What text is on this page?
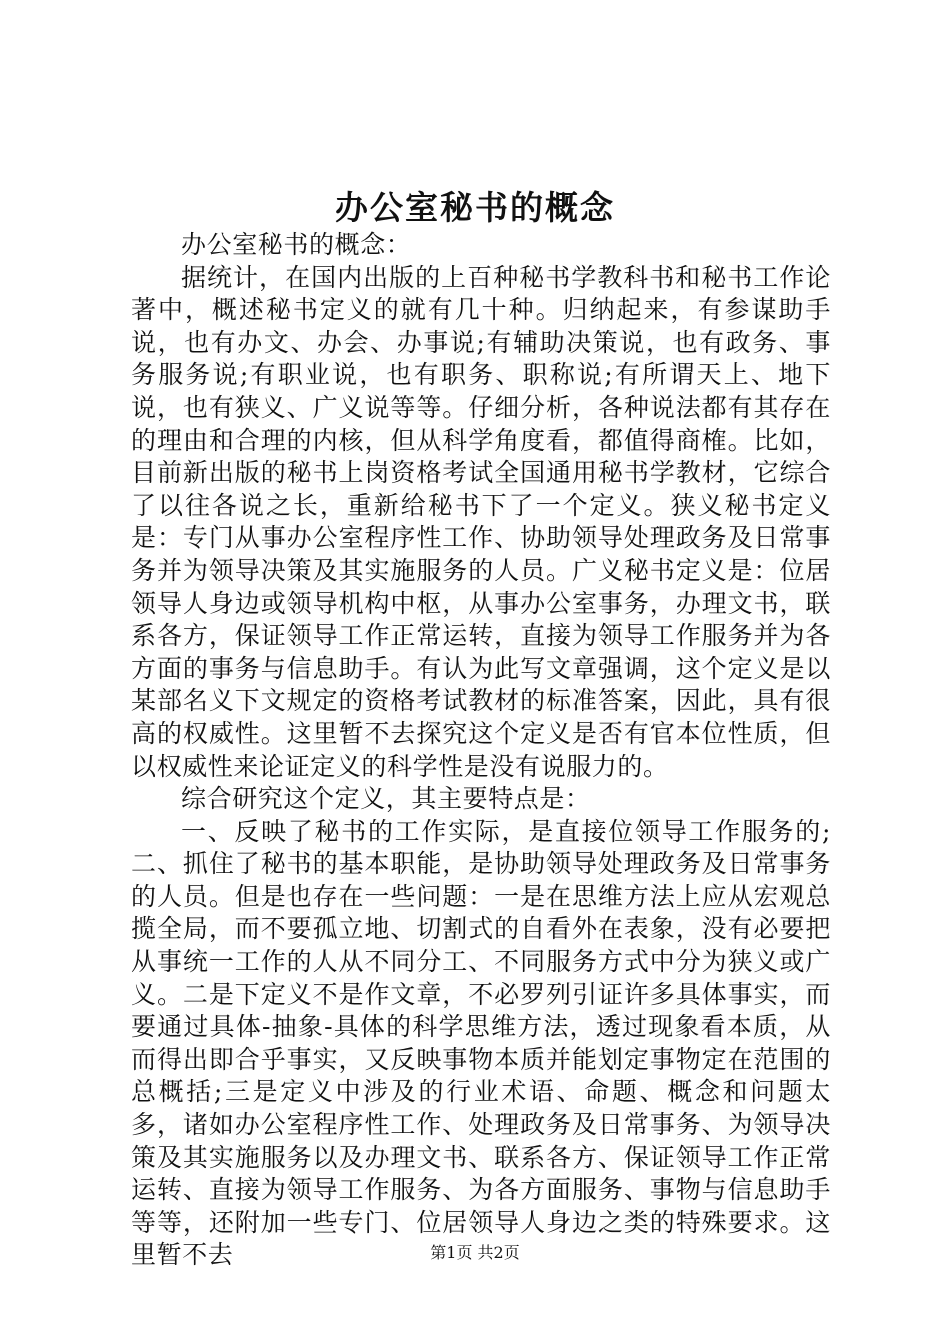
办公室秘书的概念

办公室秘书的概念：

据统计，在国内出版的上百种秘书学教科书和秘书工作论著中，概述秘书定义的就有几十种。归纳起来，有参谋助手说，也有办文、办会、办事说;有辅助决策说，也有政务、事务服务说;有职业说，也有职务、职称说;有所谓天上、地下说，也有狭义、广义说等等。仔细分析，各种说法都有其存在的理由和合理的内核，但从科学角度看，都值得商榷。比如，目前新出版的秘书上岗资格考试全国通用秘书学教材，它综合了以往各说之长，重新给秘书下了一个定义。狭义秘书定义是：专门从事办公室程序性工作、协助领导处理政务及日常事务并为领导决策及其实施服务的人员。广义秘书定义是：位居领导人身边或领导机构中枢，从事办公室事务，办理文书，联系各方，保证领导工作正常运转，直接为领导工作服务并为各方面的事务与信息助手。有认为此写文章强调，这个定义是以某部名义下文规定的资格考试教材的标准答案，因此，具有很高的权威性。这里暂不去探究这个定义是否有官本位性质，但以权威性来论证定义的科学性是没有说服力的。

综合研究这个定义，其主要特点是：

一、反映了秘书的工作实际，是直接位领导工作服务的;二、抓住了秘书的基本职能，是协助领导处理政务及日常事务的人员。但是也存在一些问题：一是在思维方法上应从宏观总揽全局，而不要孤立地、切割式的自看外在表象，没有必要把从事统一工作的人从不同分工、不同服务方式中分为狭义或广义。二是下定义不是作文章，不必罗列引证许多具体事实，而要通过具体-抽象-具体的科学思维方法，透过现象看本质，从而得出即合乎事实，又反映事物本质并能划定事物定在范围的总概括;三是定义中涉及的行业术语、命题、概念和问题太多，诸如办公室程序性工作、处理政务及日常事务、为领导决策及其实施服务以及办理文书、联系各方、保证领导工作正常运转、直接为领导工作服务、为各方面服务、事物与信息助手等等，还附加一些专门、位居领导人身边之类的特殊要求。这里暂不去	第1页 共2页
